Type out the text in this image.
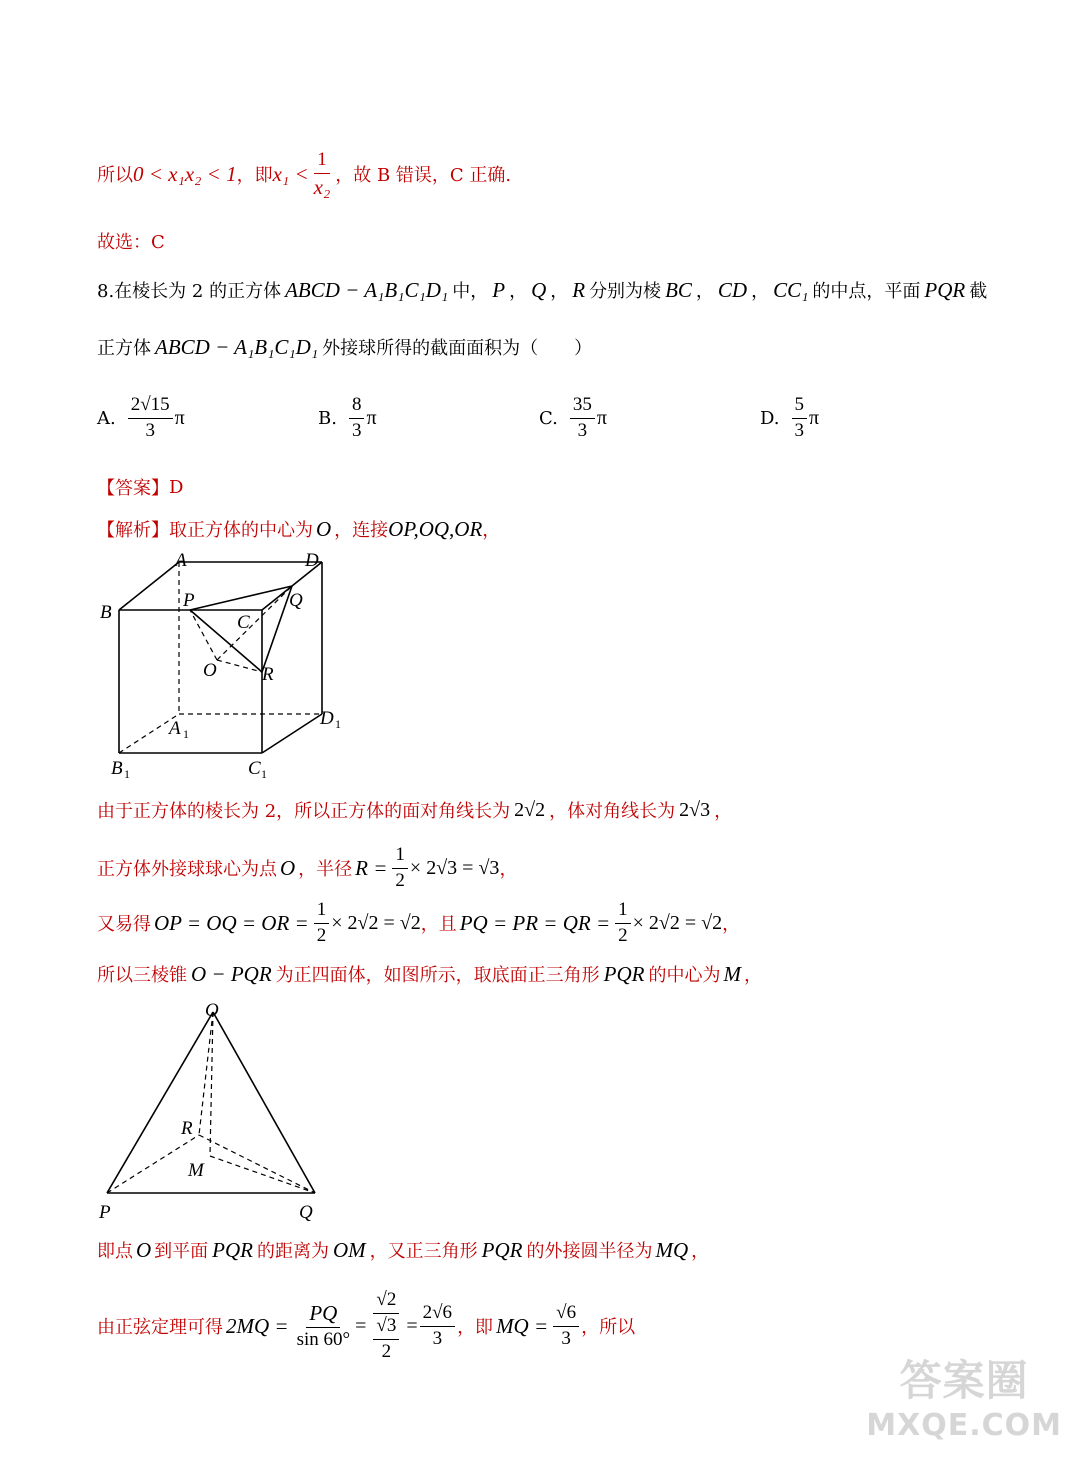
所以 0 < x₁x₂ < 1 ，即 $x_1 < \frac{1}{\text{x₂}}$ ，故 B 错误，C 正确.
故选：C
8.在棱长为 2 的正方体 ABCD − A₁B₁C₁D₁ 中， P ， Q ， R 分别为棱 BC ， CD ， CC₁ 的中点，平面 PQR 截
正方体 ABCD − A₁B₁C₁D₁ 外接球所得的截面面积为（　　）
A. $\frac{2√15}{3}$ π	B. $\frac{8}{3}$ π	C. $\frac{35}{3}$ π	D. $\frac{5}{3}$ π
【答案】 D
【解析】 取正方体的中心为 O ，连接 OP,OQ,OR ，
A	D
B
P	Q
C
O R
A 1
D 1
B 1	C 1
由于正方体的棱长为 2，所以正方体的面对角线长为 2√2 ，体对角线长为 2√3 ，
正方体外接球球心为点 O ，半径 $R = \frac{1}{2} \times 2√3 = √3$ ，
又易得 OP = OQ = OR = $\frac{1}{2} \times 2√2 = √2$ ，且 PQ = PR = QR = $\frac{1}{2} \times 2√2 = √2$ ，
所以三棱锥 O − PQR 为正四面体，如图所示，取底面正三角形 PQR 的中心为 M ，
O
R
M
P	Q
即点 O 到平面 PQR 的距离为 OM ，又正三角形 PQR 的外接圆半径为 MQ ，
由正弦定理可得 $2MQ = \frac{PQ}{\sin 60^\circ} = \frac{√2}{\frac{√3}{2}} = \frac{2√6}{3}$ ，即 MQ = $\frac{√6}{3}$ ，所以
答案圈
MXQE.COM
